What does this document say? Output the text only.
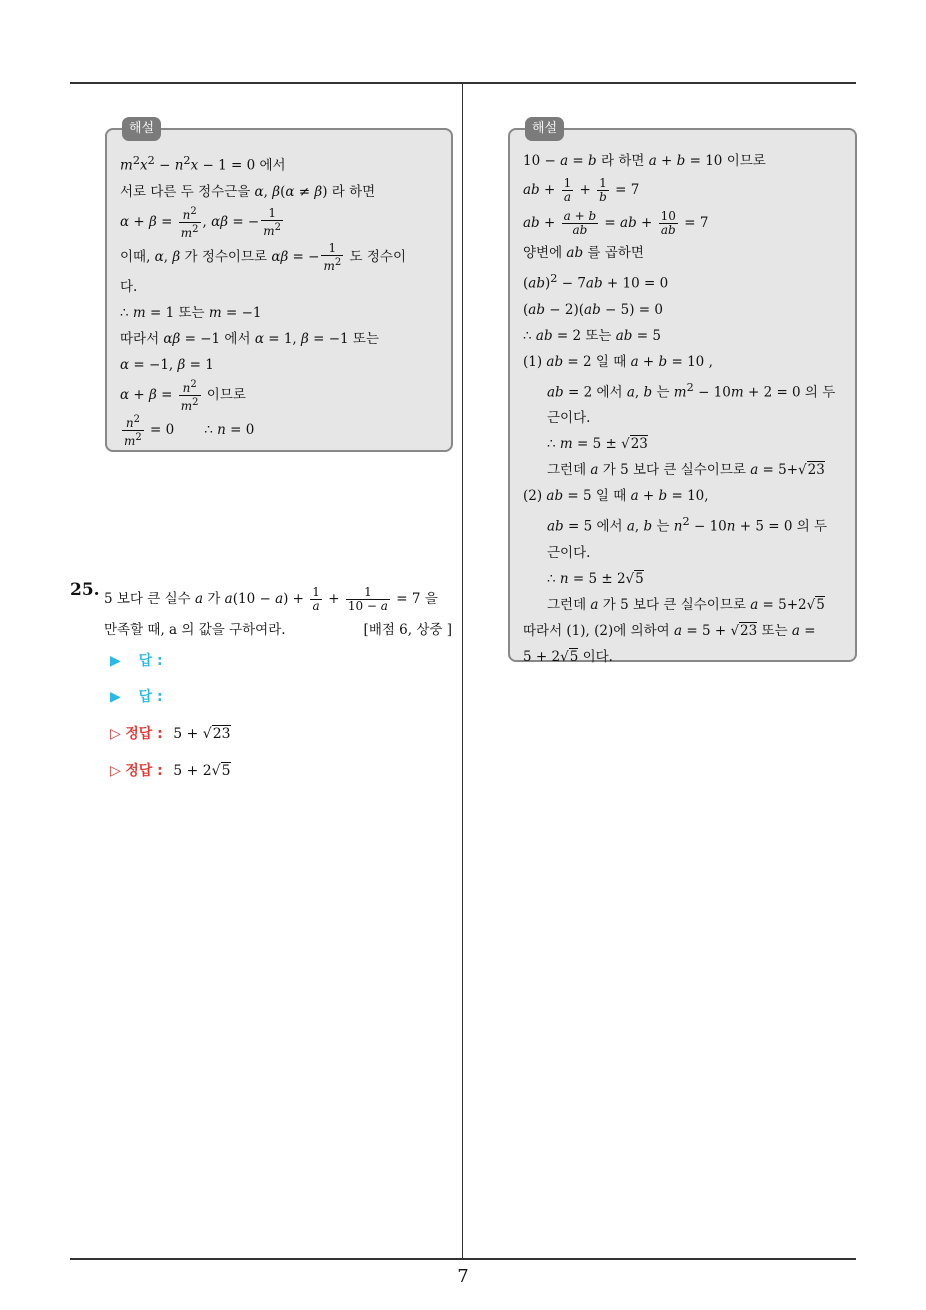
해설
$m^2x^2 - n^2x - 1 = 0$ 에서
서로 다른 두 정수근을 α, β(α ≠ β) 라 하면
$\alpha + \beta = \frac{n^2}{m^2}$ , αβ = − $\frac{1}{m^2}$
이때, α, β 가 정수이므로 αβ = − $\frac{1}{m^2}$ 도 정수이
다.
∴ m = 1 또는 m = −1
따라서 αβ = −1 에서 α = 1, β = −1 또는
α = −1, β = 1
$\alpha + \beta = \frac{n^2}{m^2}$ 이므로
$\frac{n^2}{m^2} = 0$       ∴ n = 0
해설
10 − a = b 라 하면 a + b = 10 이므로
ab + $\frac{1}{a} + \frac{1}{b} = 7$
ab + $\frac{a + b}{ab}$ = ab + $\frac{10}{ab} = 7$
양변에 ab 를 곱하면
(ab)$^2$ − 7ab + 10 = 0
(ab − 2)(ab − 5) = 0
∴ ab = 2 또는 ab = 5
(1) ab = 2 일 때 a + b = 10 ,
ab = 2 에서 a, b 는 $m^2 - 10m + 2 = 0$ 의 두
근이다.
∴ m = 5 ± √23
그런데 a 가 5 보다 큰 실수이므로 a = 5+√23
(2) ab = 5 일 때 a + b = 10,
ab = 5 에서 a, b 는 $n^2 - 10n + 5 = 0$ 의 두
근이다.
∴ n = 5 ± 2√5
그런데 a 가 5 보다 큰 실수이므로 a = 5+2√5
따라서 (1), (2)에 의하여 a = 5 + √23 또는 a =
5 + 2√5 이다.
25. 5 보다 큰 실수 a 가 $a(10 - a) + \frac{1}{a} + \frac{1}{10 - a} = 7$ 을
만족할 때, a 의 값을 구하여라.	[배점 6, 상중 ]
▶ 답 :
▶ 답 :
▷ 정답 : 5 + √23
▷ 정답 : 5 + 2√5
7
